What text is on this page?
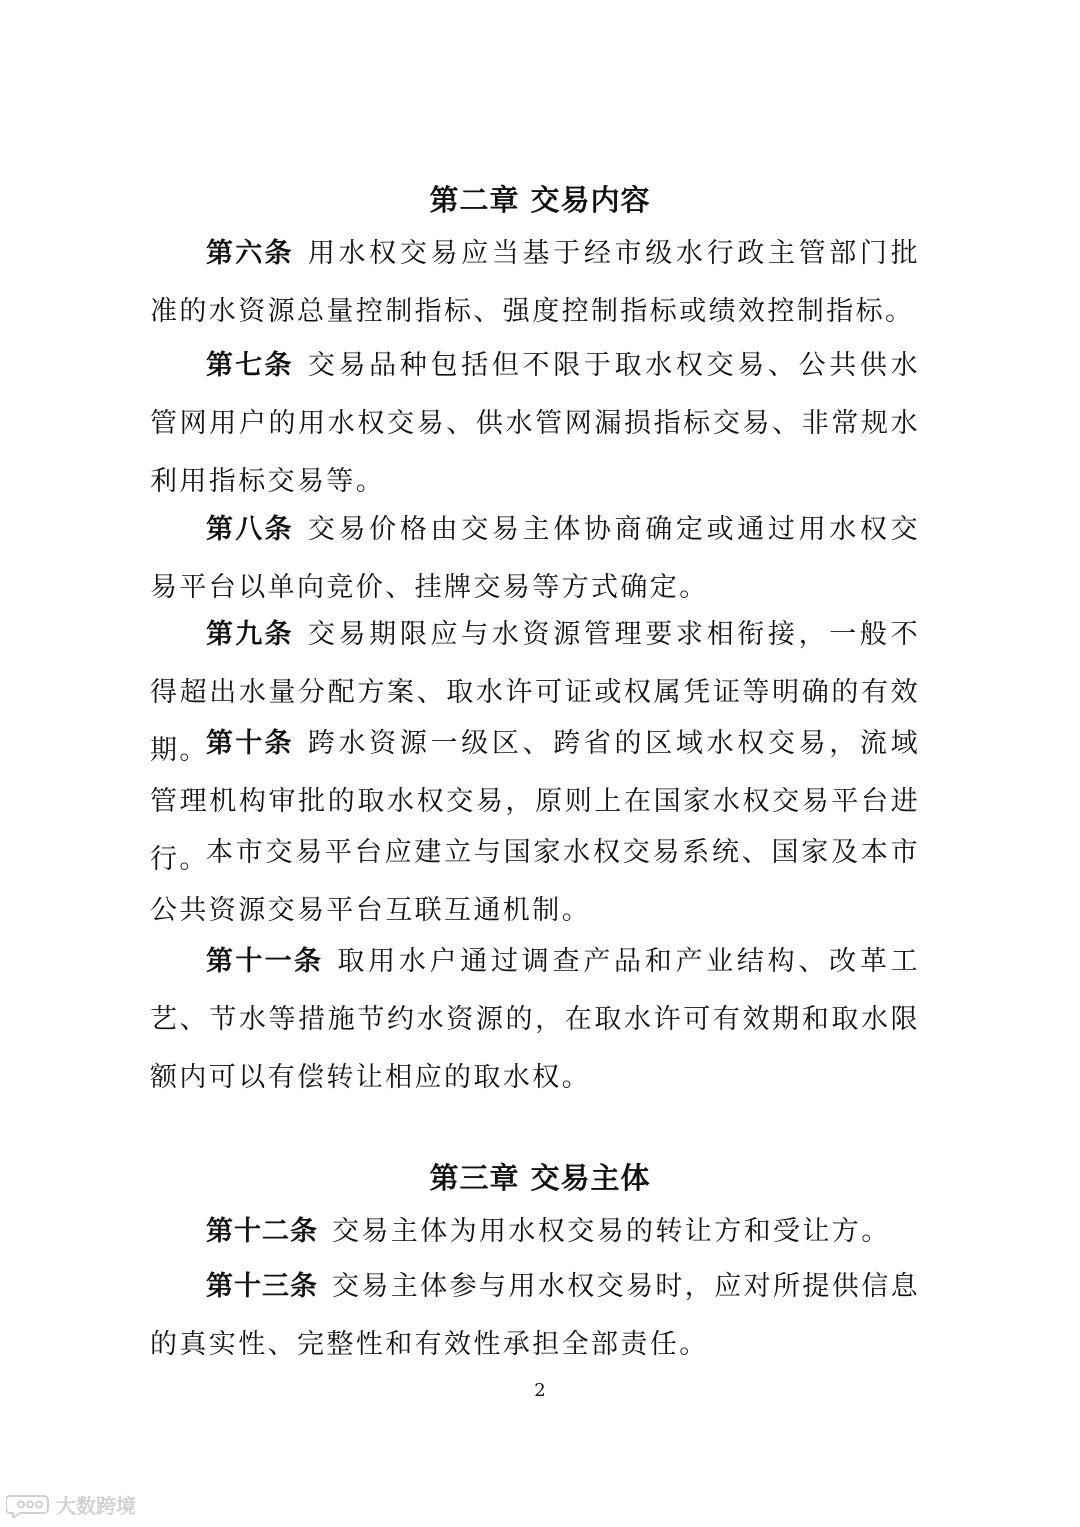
第二章 交易内容
第六条 用水权交易应当基于经市级水行政主管部门批准的水资源总量控制指标、强度控制指标或绩效控制指标。
第七条 交易品种包括但不限于取水权交易、公共供水管网用户的用水权交易、供水管网漏损指标交易、非常规水利用指标交易等。
第八条 交易价格由交易主体协商确定或通过用水权交易平台以单向竞价、挂牌交易等方式确定。
第九条 交易期限应与水资源管理要求相衔接，一般不得超出水量分配方案、取水许可证或权属凭证等明确的有效期。
第十条 跨水资源一级区、跨省的区域水权交易，流域管理机构审批的取水权交易，原则上在国家水权交易平台进行。
本市交易平台应建立与国家水权交易系统、国家及本市公共资源交易平台互联互通机制。
第十一条 取用水户通过调查产品和产业结构、改革工艺、节水等措施节约水资源的，在取水许可有效期和取水限额内可以有偿转让相应的取水权。
第三章 交易主体
第十二条 交易主体为用水权交易的转让方和受让方。
第十三条 交易主体参与用水权交易时，应对所提供信息的真实性、完整性和有效性承担全部责任。
2
大数跨境
